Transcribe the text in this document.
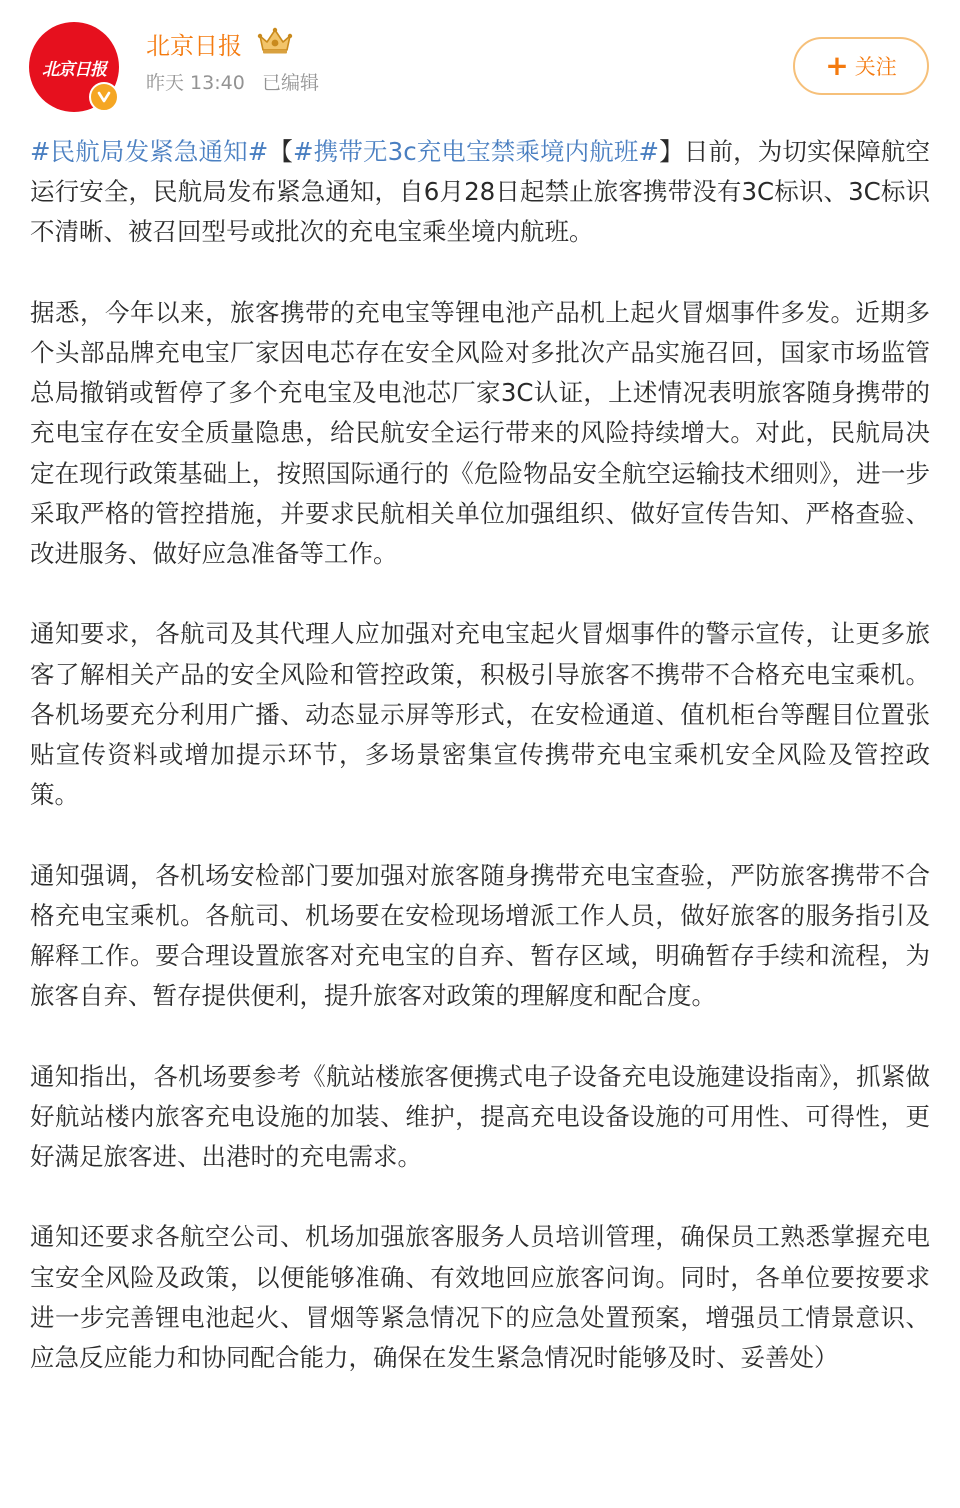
北京日报
北京日报
昨天 13:40 已编辑
+ 关注

#民航局发紧急通知#【#携带无3c充电宝禁乘境内航班#】日前，为切实保障航空运行安全，民航局发布紧急通知，自6月28日起禁止旅客携带没有3C标识、3C标识不清晰、被召回型号或批次的充电宝乘坐境内航班。

据悉，今年以来，旅客携带的充电宝等锂电池产品机上起火冒烟事件多发。近期多个头部品牌充电宝厂家因电芯存在安全风险对多批次产品实施召回，国家市场监管总局撤销或暂停了多个充电宝及电池芯厂家3C认证，上述情况表明旅客随身携带的充电宝存在安全质量隐患，给民航安全运行带来的风险持续增大。对此，民航局决定在现行政策基础上，按照国际通行的《危险物品安全航空运输技术细则》，进一步采取严格的管控措施，并要求民航相关单位加强组织、做好宣传告知、严格查验、改进服务、做好应急准备等工作。

通知要求，各航司及其代理人应加强对充电宝起火冒烟事件的警示宣传，让更多旅客了解相关产品的安全风险和管控政策，积极引导旅客不携带不合格充电宝乘机。各机场要充分利用广播、动态显示屏等形式，在安检通道、值机柜台等醒目位置张贴宣传资料或增加提示环节，多场景密集宣传携带充电宝乘机安全风险及管控政策。

通知强调，各机场安检部门要加强对旅客随身携带充电宝查验，严防旅客携带不合格充电宝乘机。各航司、机场要在安检现场增派工作人员，做好旅客的服务指引及解释工作。要合理设置旅客对充电宝的自弃、暂存区域，明确暂存手续和流程，为旅客自弃、暂存提供便利，提升旅客对政策的理解度和配合度。

通知指出，各机场要参考《航站楼旅客便携式电子设备充电设施建设指南》，抓紧做好航站楼内旅客充电设施的加装、维护，提高充电设备设施的可用性、可得性，更好满足旅客进、出港时的充电需求。

通知还要求各航空公司、机场加强旅客服务人员培训管理，确保员工熟悉掌握充电宝安全风险及政策，以便能够准确、有效地回应旅客问询。同时，各单位要按要求进一步完善锂电池起火、冒烟等紧急情况下的应急处置预案，增强员工情景意识、应急反应能力和协同配合能力，确保在发生紧急情况时能够及时、妥善处）
